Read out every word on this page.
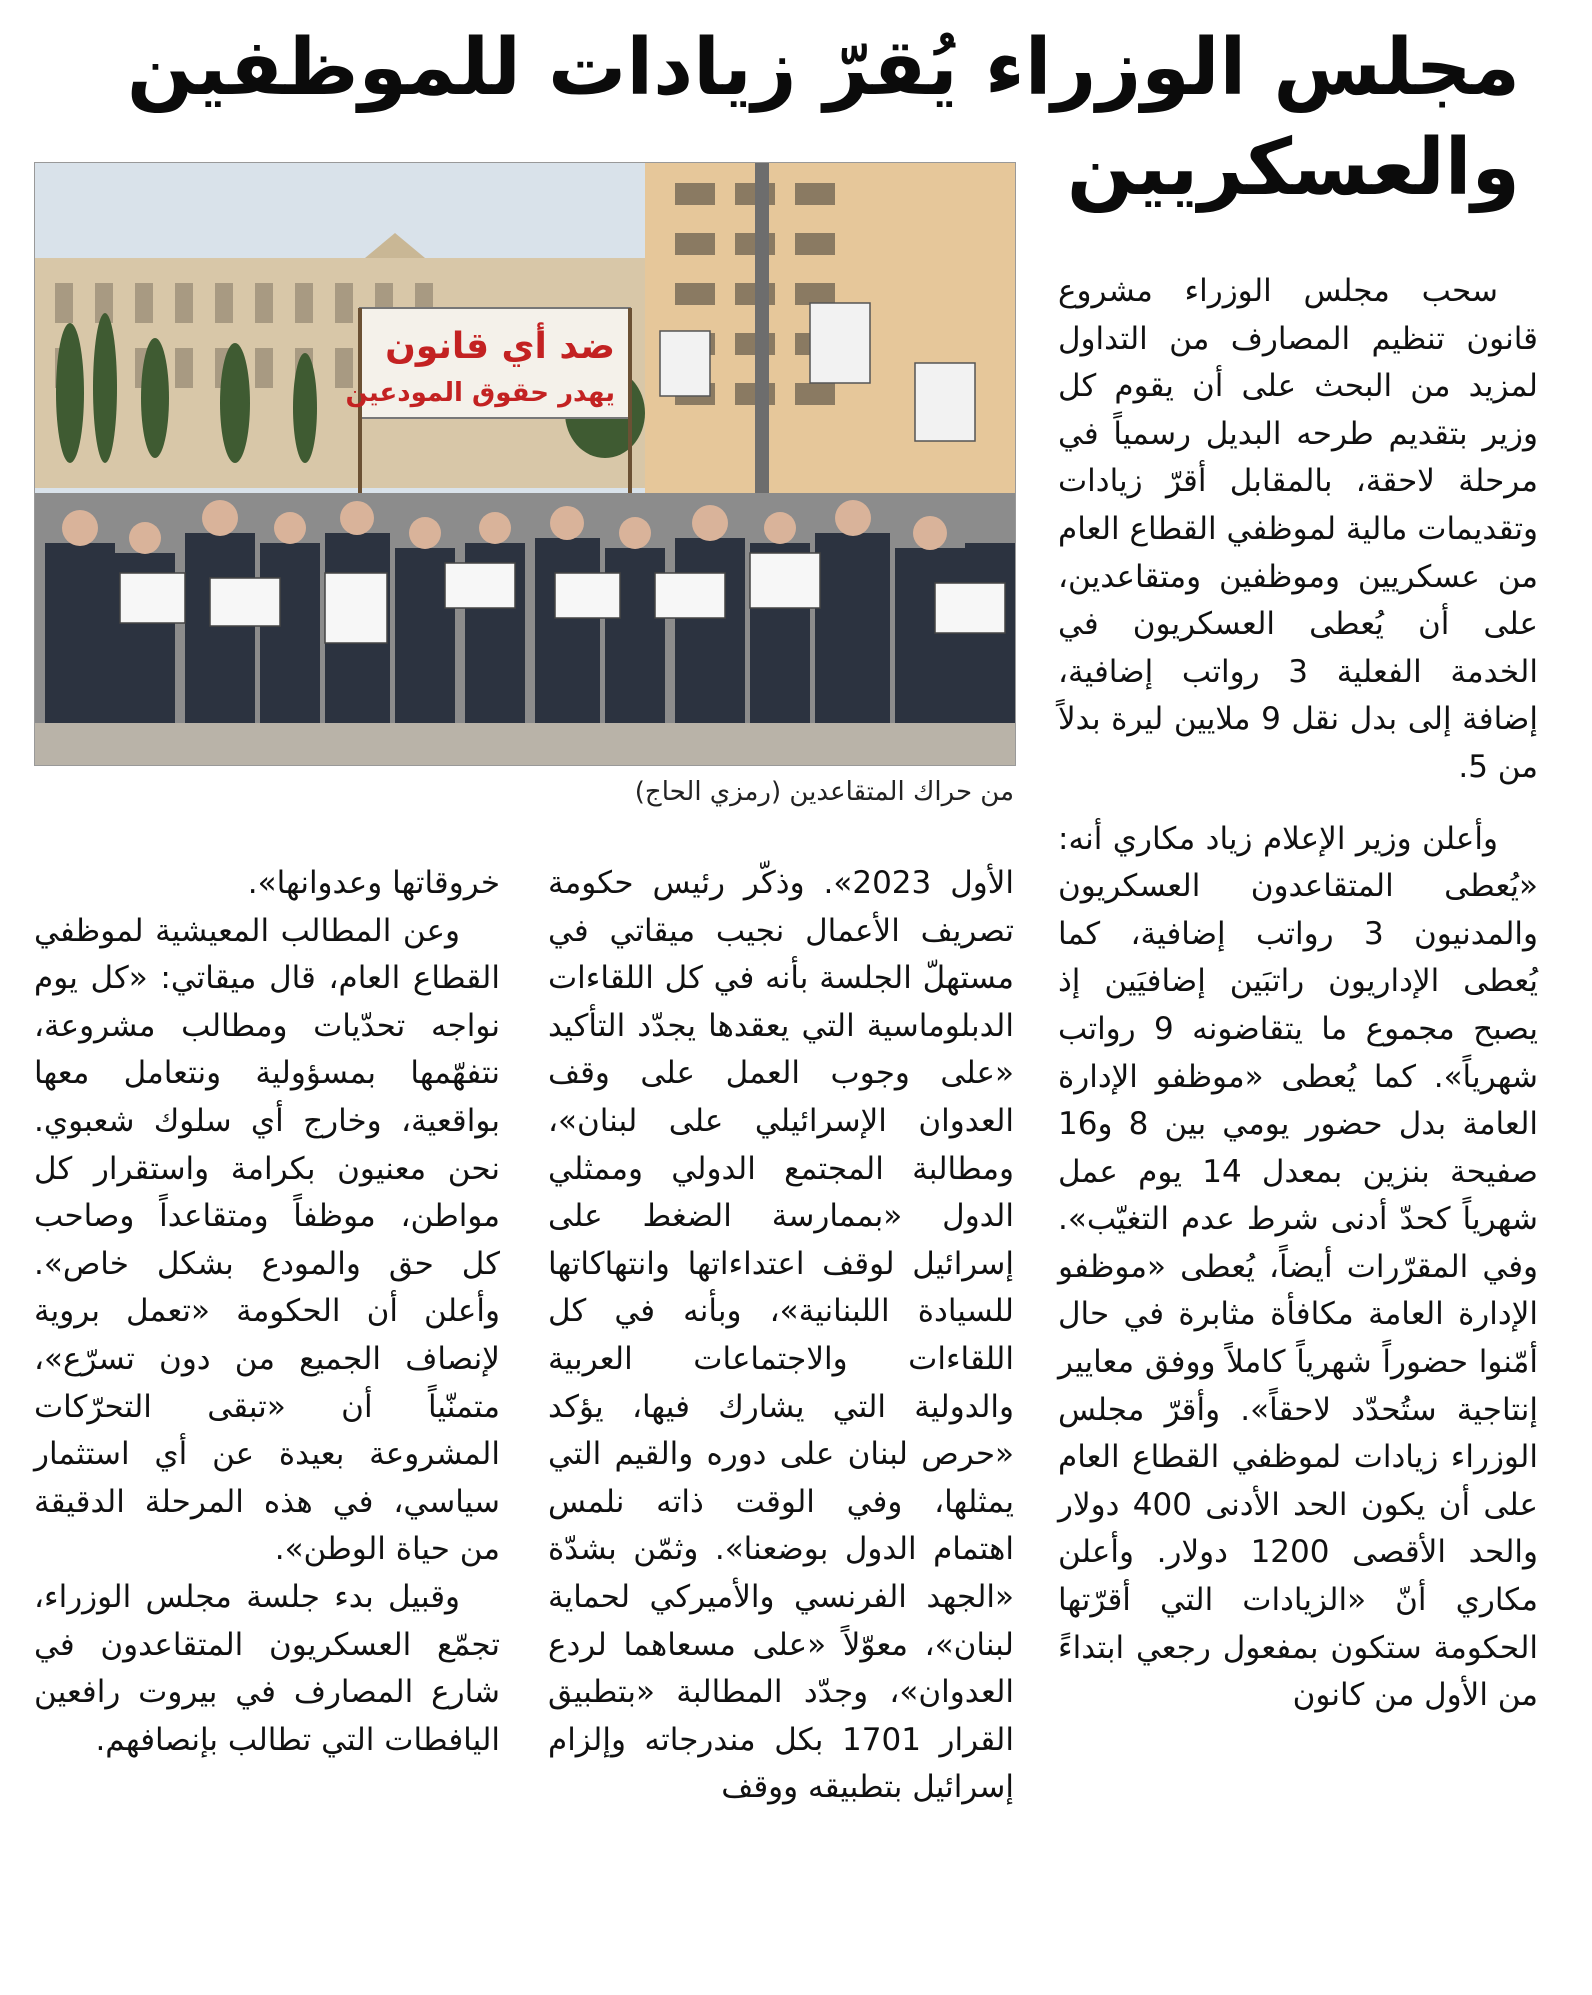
مجلس الوزراء يُقرّ زيادات للموظفين والعسكريين
ضد أي قانون
يهدر حقوق المودعين
من حراك المتقاعدين (رمزي الحاج)

سحب مجلس الوزراء مشروع قانون تنظيم المصارف من التداول لمزيد من البحث على أن يقوم كل وزير بتقديم طرحه البديل رسمياً في مرحلة لاحقة، بالمقابل أقرّ زيادات وتقديمات مالية لموظفي القطاع العام من عسكريين وموظفين ومتقاعدين، على أن يُعطى العسكريون في الخدمة الفعلية 3 رواتب إضافية، إضافة إلى بدل نقل 9 ملايين ليرة بدلاً من 5.

وأعلن وزير الإعلام زياد مكاري أنه: «يُعطى المتقاعدون العسكريون والمدنيون 3 رواتب إضافية، كما يُعطى الإداريون راتبَين إضافيَين إذ يصبح مجموع ما يتقاضونه 9 رواتب شهرياً». كما يُعطى «موظفو الإدارة العامة بدل حضور يومي بين 8 و16 صفيحة بنزين بمعدل 14 يوم عمل شهرياً كحدّ أدنى شرط عدم التغيّب». وفي المقرّرات أيضاً، يُعطى «موظفو الإدارة العامة مكافأة مثابرة في حال أمّنوا حضوراً شهرياً كاملاً ووفق معايير إنتاجية ستُحدّد لاحقاً». وأقرّ مجلس الوزراء زيادات لموظفي القطاع العام على أن يكون الحد الأدنى 400 دولار والحد الأقصى 1200 دولار. وأعلن مكاري أنّ «الزيادات التي أقرّتها الحكومة ستكون بمفعول رجعي ابتداءً من الأول من كانون

الأول 2023». وذكّر رئيس حكومة تصريف الأعمال نجيب ميقاتي في مستهلّ الجلسة بأنه في كل اللقاءات الدبلوماسية التي يعقدها يجدّد التأكيد «على وجوب العمل على وقف العدوان الإسرائيلي على لبنان»، ومطالبة المجتمع الدولي وممثلي الدول «بممارسة الضغط على إسرائيل لوقف اعتداءاتها وانتهاكاتها للسيادة اللبنانية»، وبأنه في كل اللقاءات والاجتماعات العربية والدولية التي يشارك فيها، يؤكد «حرص لبنان على دوره والقيم التي يمثلها، وفي الوقت ذاته نلمس اهتمام الدول بوضعنا». وثمّن بشدّة «الجهد الفرنسي والأميركي لحماية لبنان»، معوّلاً «على مسعاهما لردع العدوان»، وجدّد المطالبة «بتطبيق القرار 1701 بكل مندرجاته وإلزام إسرائيل بتطبيقه ووقف

خروقاتها وعدوانها».

وعن المطالب المعيشية لموظفي القطاع العام، قال ميقاتي: «كل يوم نواجه تحدّيات ومطالب مشروعة، نتفهّمها بمسؤولية ونتعامل معها بواقعية، وخارج أي سلوك شعبوي. نحن معنيون بكرامة واستقرار كل مواطن، موظفاً ومتقاعداً وصاحب كل حق والمودع بشكل خاص». وأعلن أن الحكومة «تعمل بروية لإنصاف الجميع من دون تسرّع»، متمنّياً أن «تبقى التحرّكات المشروعة بعيدة عن أي استثمار سياسي، في هذه المرحلة الدقيقة من حياة الوطن».

وقبيل بدء جلسة مجلس الوزراء، تجمّع العسكريون المتقاعدون في شارع المصارف في بيروت رافعين اليافطات التي تطالب بإنصافهم.
